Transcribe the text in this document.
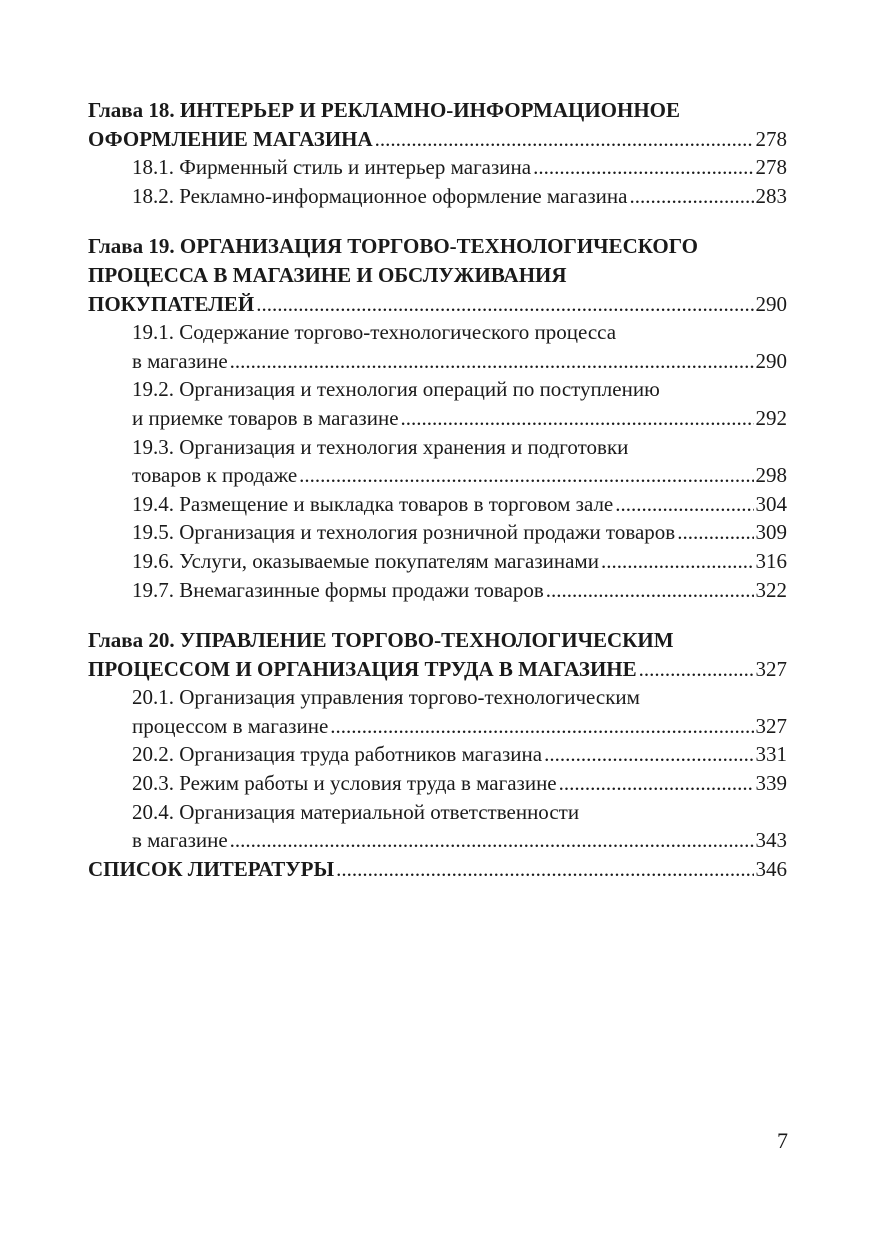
Глава 18. ИНТЕРЬЕР И РЕКЛАМНО-ИНФОРМАЦИОННОЕ
ОФОРМЛЕНИЕ МАГАЗИНА .....	278
18.1. Фирменный стиль и интерьер магазина .....	278
18.2. Рекламно-информационное оформление магазина .....	283
Глава 19. ОРГАНИЗАЦИЯ ТОРГОВО-ТЕХНОЛОГИЧЕСКОГО
ПРОЦЕССА В МАГАЗИНЕ И ОБСЛУЖИВАНИЯ
ПОКУПАТЕЛЕЙ .....	290
19.1. Содержание торгово-технологического процесса
в магазине .....	290
19.2. Организация и технология операций по поступлению
и приемке товаров в магазине .....	292
19.3. Организация и технология хранения и подготовки
товаров к продаже .....	298
19.4. Размещение и выкладка товаров в торговом зале .....	304
19.5. Организация и технология розничной продажи товаров .....	309
19.6. Услуги, оказываемые покупателям магазинами .....	316
19.7. Внемагазинные формы продажи товаров .....	322
Глава 20. УПРАВЛЕНИЕ ТОРГОВО-ТЕХНОЛОГИЧЕСКИМ
ПРОЦЕССОМ И ОРГАНИЗАЦИЯ ТРУДА В МАГАЗИНЕ .....	327
20.1. Организация управления торгово-технологическим
процессом в магазине .....	327
20.2. Организация труда работников магазина .....	331
20.3. Режим работы и условия труда в магазине .....	339
20.4. Организация материальной ответственности
в магазине .....	343
СПИСОК ЛИТЕРАТУРЫ .....	346
7
